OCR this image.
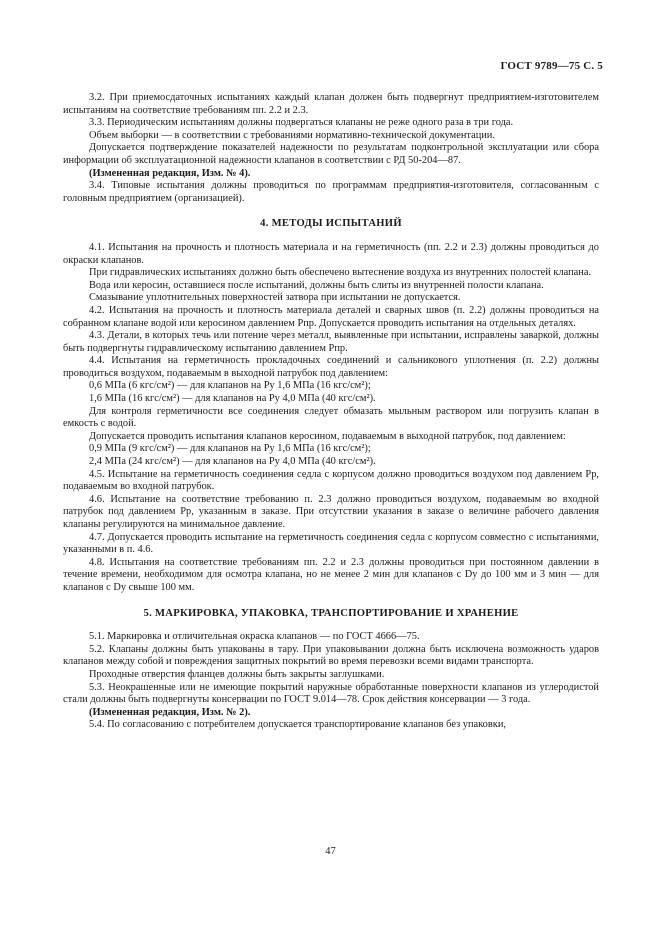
ГОСТ 9789—75 С. 5

3.2. При приемосдаточных испытаниях каждый клапан должен быть подвергнут предприятием-изготовителем испытаниям на соответствие требованиям пп. 2.2 и 2.3.

3.3. Периодическим испытаниям должны подвергаться клапаны не реже одного раза в три года.

Объем выборки — в соответствии с требованиями нормативно-технической документации.

Допускается подтверждение показателей надежности по результатам подконтрольной эксплуатации или сбора информации об эксплуатационной надежности клапанов в соответствии с РД 50-204—87.

(Измененная редакция, Изм. № 4).

3.4. Типовые испытания должны проводиться по программам предприятия-изготовителя, согласованным с головным предприятием (организацией).

4. МЕТОДЫ ИСПЫТАНИЙ

4.1. Испытания на прочность и плотность материала и на герметичность (пп. 2.2 и 2.3) должны проводиться до окраски клапанов.

При гидравлических испытаниях должно быть обеспечено вытеснение воздуха из внутренних полостей клапана.

Вода или керосин, оставшиеся после испытаний, должны быть слиты из внутренней полости клапана.

Смазывание уплотнительных поверхностей затвора при испытании не допускается.

4.2. Испытания на прочность и плотность материала деталей и сварных швов (п. 2.2) должны проводиться на собранном клапане водой или керосином давлением Pпр. Допускается проводить испытания на отдельных деталях.

4.3. Детали, в которых течь или потение через металл, выявленные при испытании, исправлены заваркой, должны быть подвергнуты гидравлическому испытанию давлением Pпр.

4.4. Испытания на герметичность прокладочных соединений и сальникового уплотнения (п. 2.2) должны проводиться воздухом, подаваемым в выходной патрубок под давлением:

0,6 МПа (6 кгс/см²) — для клапанов на Py 1,6 МПа (16 кгс/см²);

1,6 МПа (16 кгс/см²) — для клапанов на Py 4,0 МПа (40 кгс/см²).

Для контроля герметичности все соединения следует обмазать мыльным раствором или погрузить клапан в емкость с водой.

Допускается проводить испытания клапанов керосином, подаваемым в выходной патрубок, под давлением:

0,9 МПа (9 кгс/см²) — для клапанов на Py 1,6 МПа (16 кгс/см²);

2,4 МПа (24 кгс/см²) — для клапанов на Py 4,0 МПа (40 кгс/см²).

4.5. Испытание на герметичность соединения седла с корпусом должно проводиться воздухом под давлением Pp, подаваемым во входной патрубок.

4.6. Испытание на соответствие требованию п. 2.3 должно проводиться воздухом, подаваемым во входной патрубок под давлением Pp, указанным в заказе. При отсутствии указания в заказе о величине рабочего давления клапаны регулируются на минимальное давление.

4.7. Допускается проводить испытание на герметичность соединения седла с корпусом совместно с испытаниями, указанными в п. 4.6.

4.8. Испытания на соответствие требованиям пп. 2.2 и 2.3 должны проводиться при постоянном давлении в течение времени, необходимом для осмотра клапана, но не менее 2 мин для клапанов с Dy до 100 мм и 3 мин — для клапанов с Dy свыше 100 мм.

5. МАРКИРОВКА, УПАКОВКА, ТРАНСПОРТИРОВАНИЕ И ХРАНЕНИЕ

5.1. Маркировка и отличительная окраска клапанов — по ГОСТ 4666—75.

5.2. Клапаны должны быть упакованы в тару. При упаковывании должна быть исключена возможность ударов клапанов между собой и повреждения защитных покрытий во время перевозки всеми видами транспорта.

Проходные отверстия фланцев должны быть закрыты заглушками.

5.3. Неокрашенные или не имеющие покрытий наружные обработанные поверхности клапанов из углеродистой стали должны быть подвергнуты консервации по ГОСТ 9.014—78. Срок действия консервации — 3 года.

(Измененная редакция, Изм. № 2).

5.4. По согласованию с потребителем допускается транспортирование клапанов без упаковки,

47
